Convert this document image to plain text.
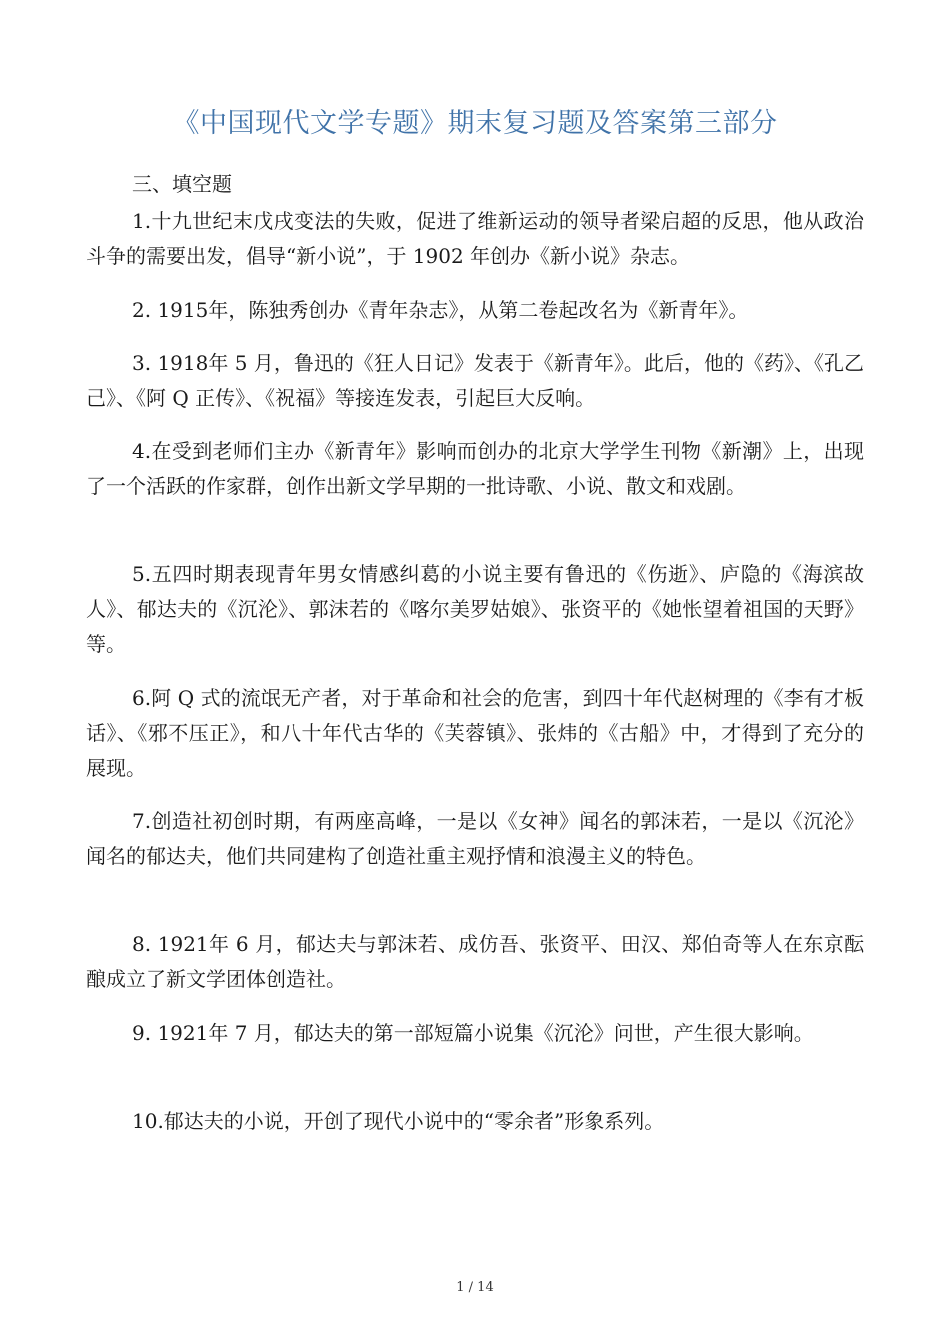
《中国现代文学专题》期末复习题及答案第三部分
三、填空题

1.十九世纪末戊戌变法的失败，促进了维新运动的领导者梁启超的反思，他从政治斗争的需要出发，倡导“新小说”，于 1902 年创办《新小说》杂志。

2. 1915年，陈独秀创办《青年杂志》，从第二卷起改名为《新青年》。

3. 1918年 5 月，鲁迅的《狂人日记》发表于《新青年》。此后，他的《药》、《孔乙己》、《阿 Q 正传》、《祝福》等接连发表，引起巨大反响。

4.在受到老师们主办《新青年》影响而创办的北京大学学生刊物《新潮》上，出现了一个活跃的作家群，创作出新文学早期的一批诗歌、小说、散文和戏剧。

5.五四时期表现青年男女情感纠葛的小说主要有鲁迅的《伤逝》、庐隐的《海滨故人》、郁达夫的《沉沦》、郭沫若的《喀尔美罗姑娘》、张资平的《她怅望着祖国的天野》等。

6.阿 Q 式的流氓无产者，对于革命和社会的危害，到四十年代赵树理的《李有才板话》、《邪不压正》，和八十年代古华的《芙蓉镇》、张炜的《古船》中，才得到了充分的展现。

7.创造社初创时期，有两座高峰，一是以《女神》闻名的郭沫若，一是以《沉沦》闻名的郁达夫，他们共同建构了创造社重主观抒情和浪漫主义的特色。

8. 1921年 6 月，郁达夫与郭沫若、成仿吾、张资平、田汉、郑伯奇等人在东京酝酿成立了新文学团体创造社。

9. 1921年 7 月，郁达夫的第一部短篇小说集《沉沦》问世，产生很大影响。

10.郁达夫的小说，开创了现代小说中的“零余者”形象系列。

1 / 14
